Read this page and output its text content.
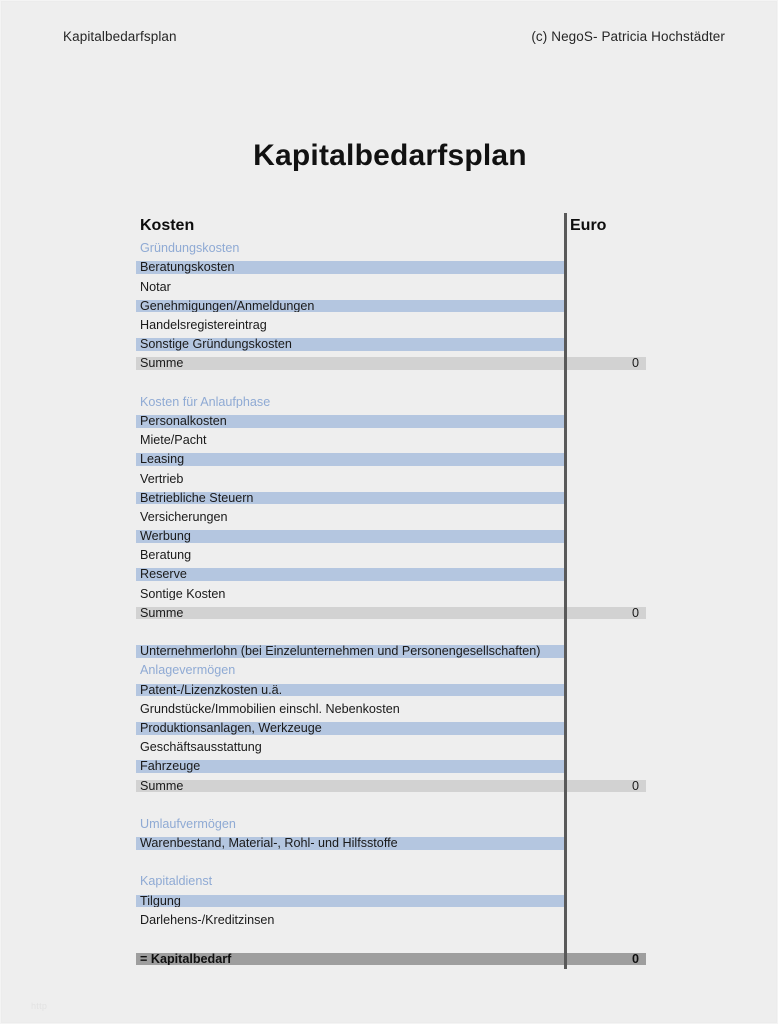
Kapitalbedarfsplan	(c) NegoS- Patricia Hochstädter
Kapitalbedarfsplan
Kosten	Euro
Gründungskosten
Beratungskosten
Notar
Genehmigungen/Anmeldungen
Handelsregistereintrag
Sonstige Gründungskosten
Summe	0
Kosten für Anlaufphase
Personalkosten
Miete/Pacht
Leasing
Vertrieb
Betriebliche Steuern
Versicherungen
Werbung
Beratung
Reserve
Sontige Kosten
Summe	0
Unternehmerlohn (bei Einzelunternehmen und Personengesellschaften)
Anlagevermögen
Patent-/Lizenzkosten u.ä.
Grundstücke/Immobilien einschl. Nebenkosten
Produktionsanlagen, Werkzeuge
Geschäftsausstattung
Fahrzeuge
Summe	0
Umlaufvermögen
Warenbestand, Material-, Rohl- und Hilfsstoffe
Kapitaldienst
Tilgung
Darlehens-/Kreditzinsen
= Kapitalbedarf	0
http
